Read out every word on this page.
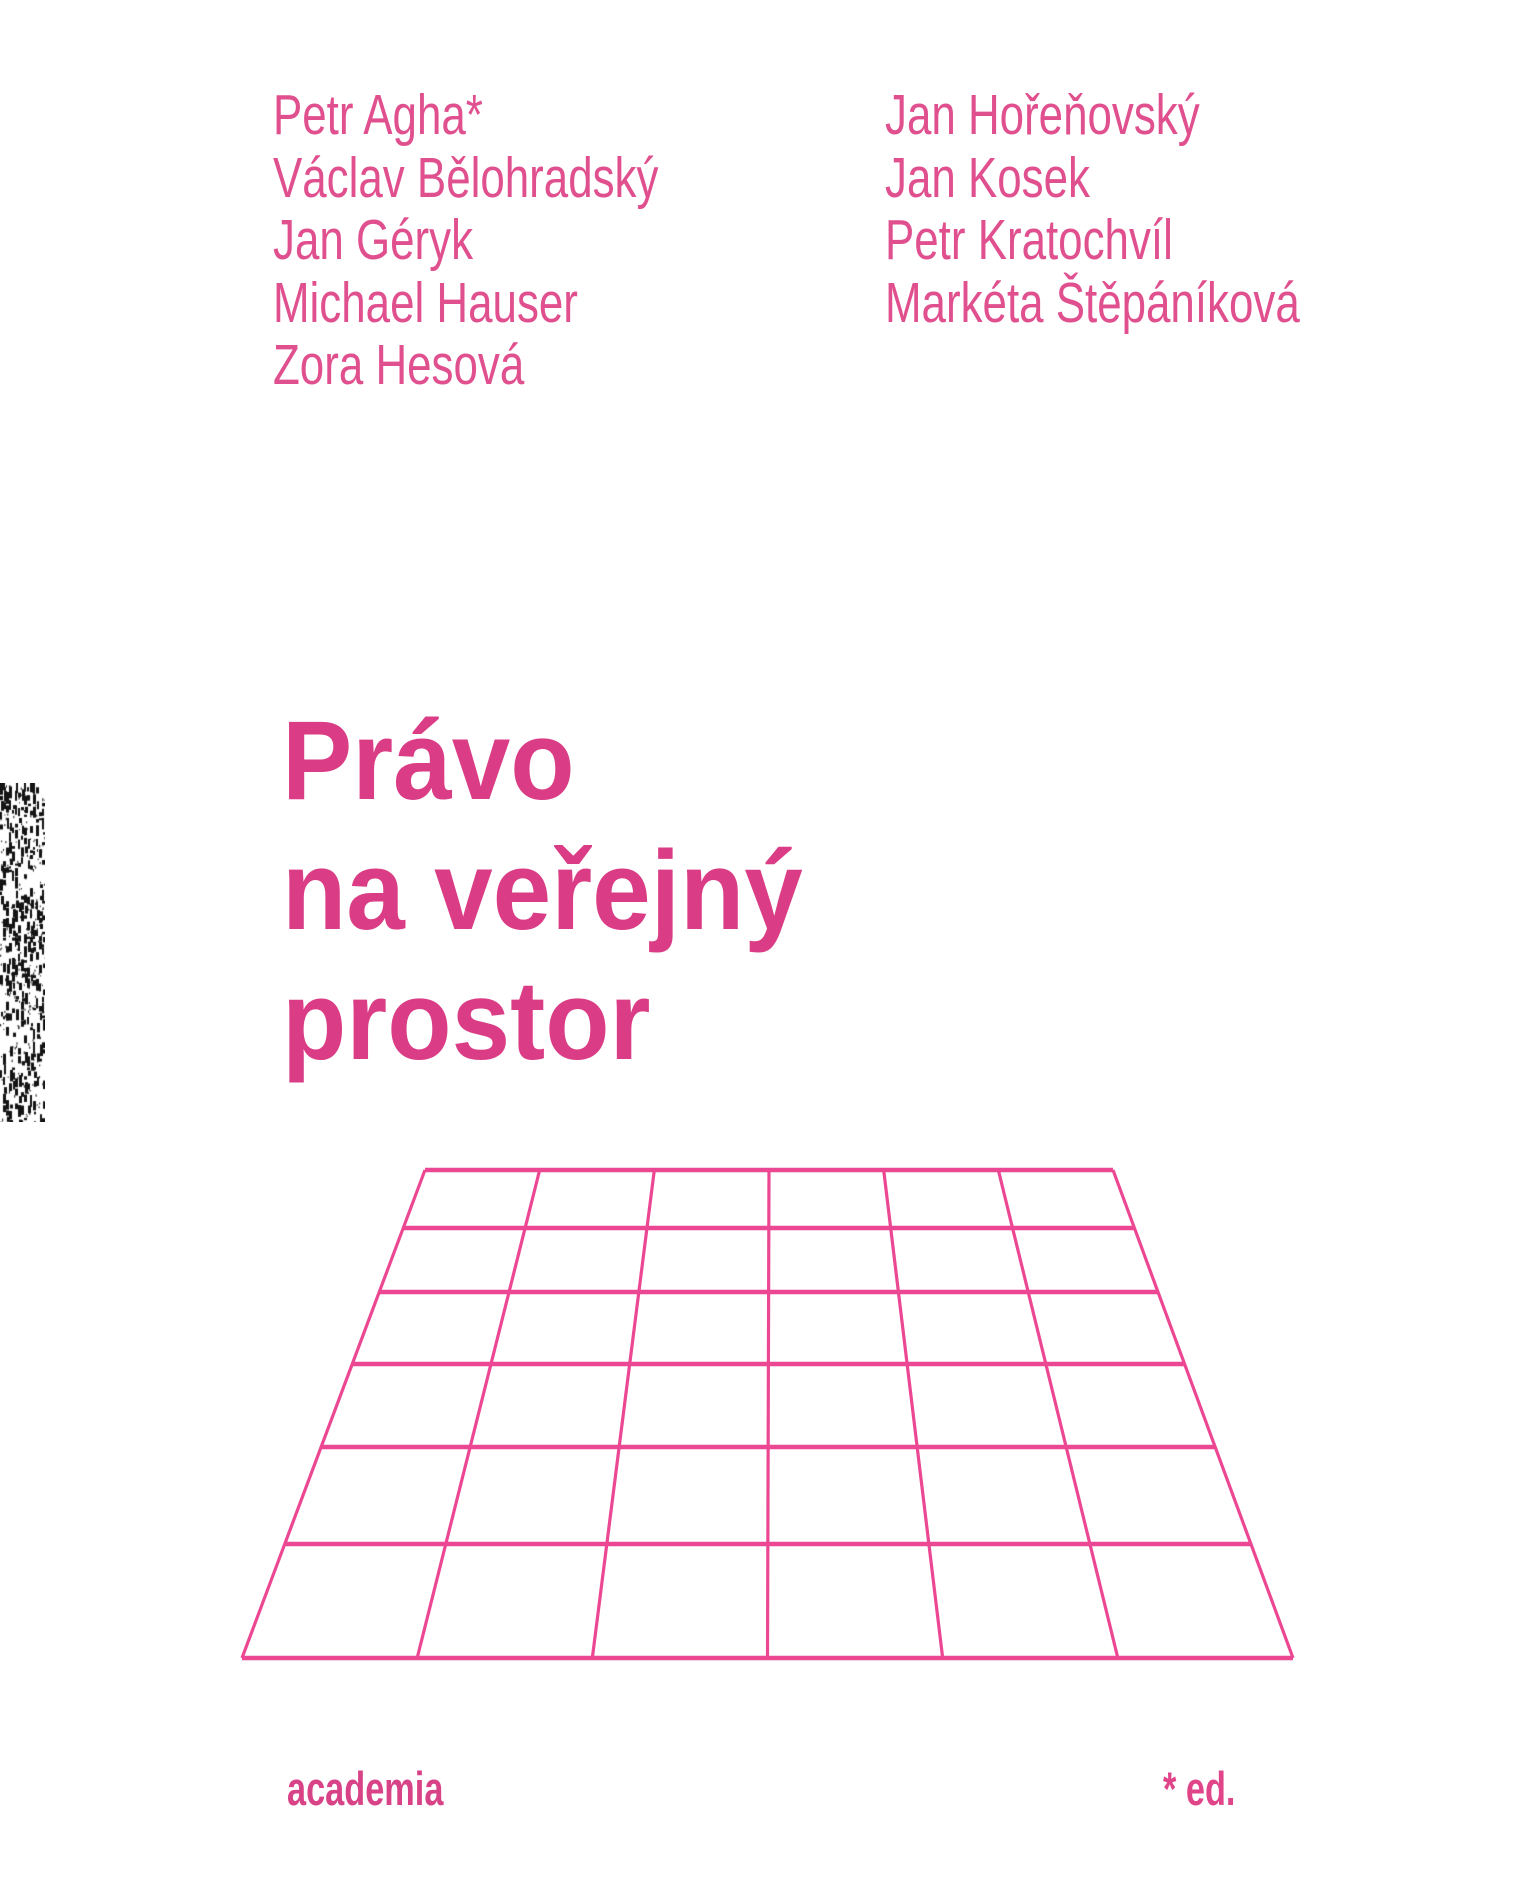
Petr Agha*
Václav Bělohradský
Jan Géryk
Michael Hauser
Zora Hesová
Jan Hořeňovský
Jan Kosek
Petr Kratochvíl
Markéta Štěpáníková
Právo
na veřejný
prostor
academia	* ed.
